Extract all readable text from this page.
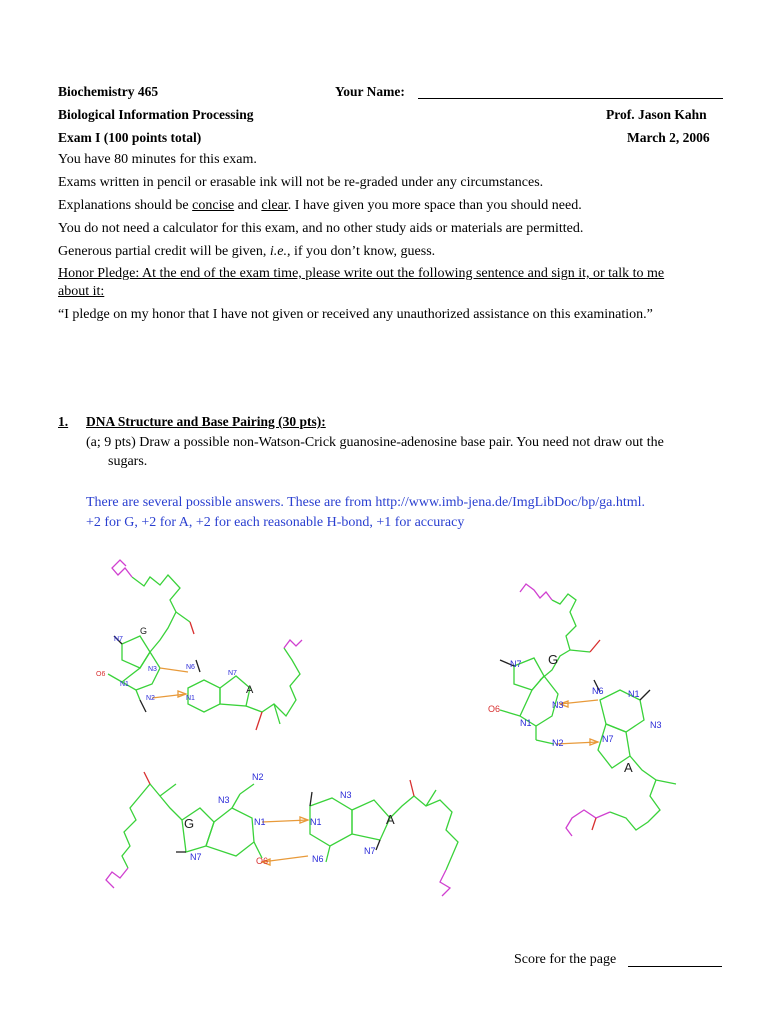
Biochemistry 465	Your Name:
Biological Information Processing	Prof. Jason Kahn
Exam I (100 points total)	March 2, 2006
You have 80 minutes for this exam.
Exams written in pencil or erasable ink will not be re-graded under any circumstances.
Explanations should be concise and clear. I have given you more space than you should need.
You do not need a calculator for this exam, and no other study aids or materials are permitted.
Generous partial credit will be given, i.e., if you don’t know, guess.
Honor Pledge: At the end of the exam time, please write out the following sentence and sign it, or talk to me
about it:
“I pledge on my honor that I have not given or received any unauthorized assistance on this examination.”
1. DNA Structure and Base Pairing (30 pts):
(a; 9 pts) Draw a possible non-Watson-Crick guanosine-adenosine base pair. You need not draw out the
sugars.
There are several possible answers. These are from http://www.imb-jena.de/ImgLibDoc/bp/ga.html.
+2 for G, +2 for A, +2 for each reasonable H-bond, +1 for accuracy
N7
G
N3	N6
N7
A
O6
N1
N2	N1
N7 G
N6	N1
N3
N3
O6
N1
N2	N7
A
N2
N3	N3
G	N1	N1	A
N7	O6	N6
N7
Score for the page
